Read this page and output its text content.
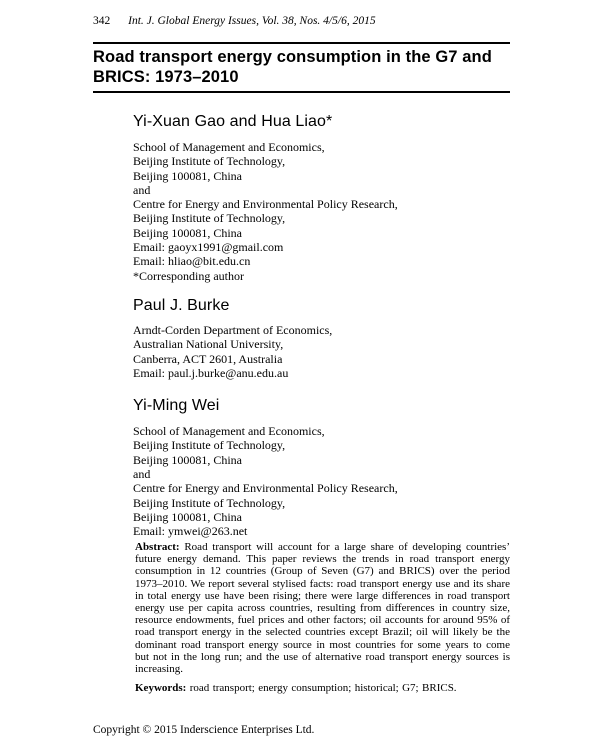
342 Int. J. Global Energy Issues, Vol. 38, Nos. 4/5/6, 2015
Road transport energy consumption in the G7 and BRICS: 1973–2010

Yi-Xuan Gao and Hua Liao*

School of Management and Economics,
Beijing Institute of Technology,
Beijing 100081, China
and
Centre for Energy and Environmental Policy Research,
Beijing Institute of Technology,
Beijing 100081, China
Email: gaoyx1991@gmail.com
Email: hliao@bit.edu.cn
*Corresponding author

Paul J. Burke

Arndt-Corden Department of Economics,
Australian National University,
Canberra, ACT 2601, Australia
Email: paul.j.burke@anu.edu.au

Yi-Ming Wei

School of Management and Economics,
Beijing Institute of Technology,
Beijing 100081, China
and
Centre for Energy and Environmental Policy Research,
Beijing Institute of Technology,
Beijing 100081, China
Email: ymwei@263.net

Abstract: Road transport will account for a large share of developing countries’ future energy demand. This paper reviews the trends in road transport energy consumption in 12 countries (Group of Seven (G7) and BRICS) over the period 1973–2010. We report several stylised facts: road transport energy use and its share in total energy use have been rising; there were large differences in road transport energy use per capita across countries, resulting from differences in country size, resource endowments, fuel prices and other factors; oil accounts for around 95% of road transport energy in the selected countries except Brazil; oil will likely be the dominant road transport energy source in most countries for some years to come but not in the long run; and the use of alternative road transport energy sources is increasing.

Keywords: road transport; energy consumption; historical; G7; BRICS.

Copyright © 2015 Inderscience Enterprises Ltd.
